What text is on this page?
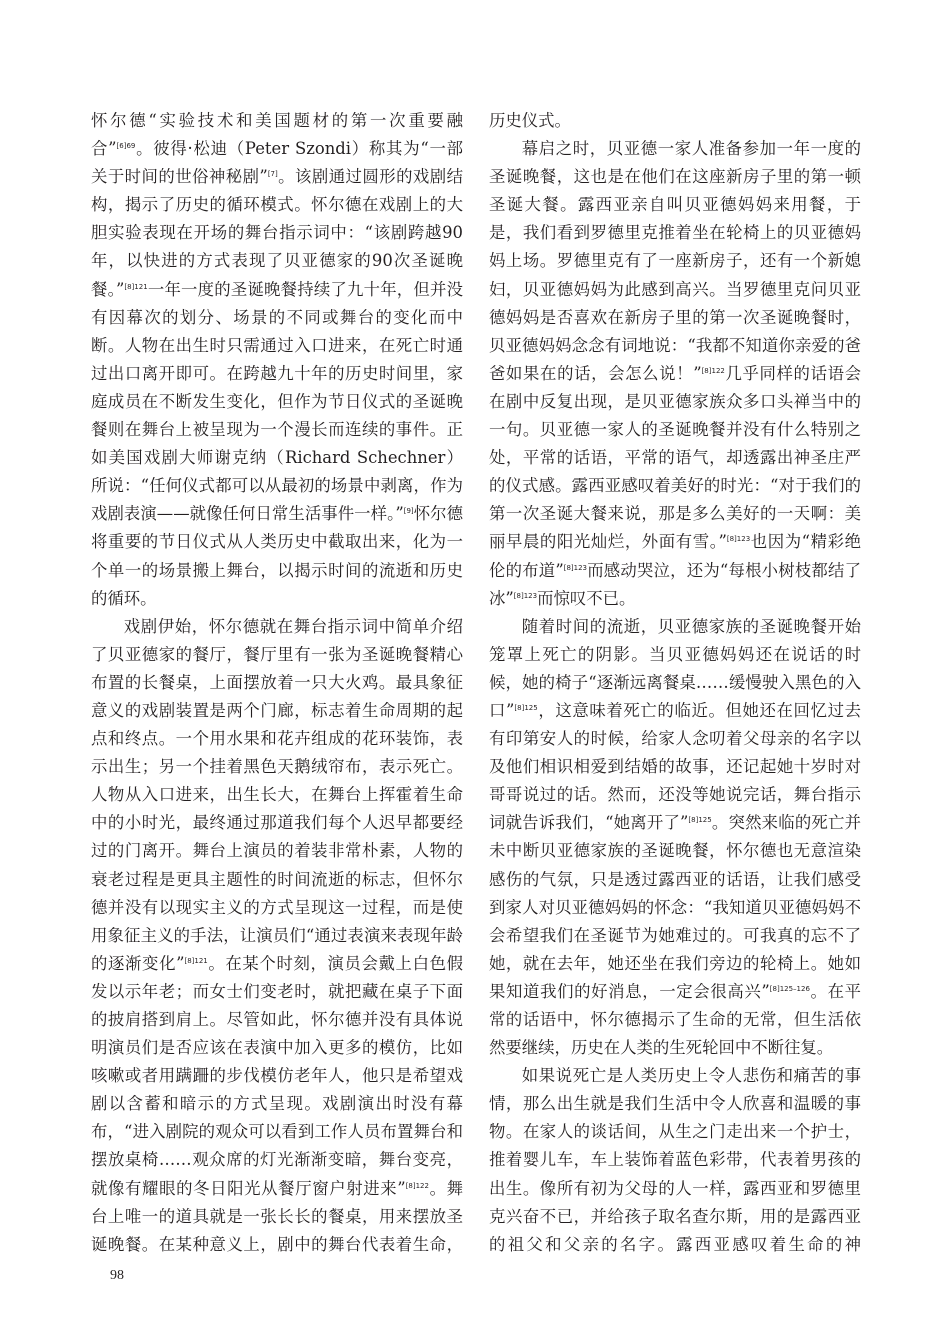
怀尔德“实验技术和美国题材的第一次重要融合”$^{[6]69}$。彼得·松迪（Peter Szondi）称其为“一部关于时间的世俗神秘剧”[7]。该剧通过圆形的戏剧结构，揭示了历史的循环模式。怀尔德在戏剧上的大胆实验表现在开场的舞台指示词中：“该剧跨越90年，以快进的方式表现了贝亚德家的90次圣诞晚餐。”$^{[8]121}$一年一度的圣诞晚餐持续了九十年，但并没有因幕次的划分、场景的不同或舞台的变化而中断。人物在出生时只需通过入口进来，在死亡时通过出口离开即可。在跨越九十年的历史时间里，家庭成员在不断发生变化，但作为节日仪式的圣诞晚餐则在舞台上被呈现为一个漫长而连续的事件。正如美国戏剧大师谢克纳（Richard Schechner）所说：“任何仪式都可以从最初的场景中剥离，作为戏剧表演——就像任何日常生活事件一样。”[9]怀尔德将重要的节日仪式从人类历史中截取出来，化为一个单一的场景搬上舞台，以揭示时间的流逝和历史的循环。

戏剧伊始，怀尔德就在舞台指示词中简单介绍了贝亚德家的餐厅，餐厅里有一张为圣诞晚餐精心布置的长餐桌，上面摆放着一只大火鸡。最具象征意义的戏剧装置是两个门廊，标志着生命周期的起点和终点。一个用水果和花卉组成的花环装饰，表示出生；另一个挂着黑色天鹅绒帘布，表示死亡。人物从入口进来，出生长大，在舞台上挥霍着生命中的小时光，最终通过那道我们每个人迟早都要经过的门离开。舞台上演员的着装非常朴素，人物的衰老过程是更具主题性的时间流逝的标志，但怀尔德并没有以现实主义的方式呈现这一过程，而是使用象征主义的手法，让演员们“通过表演来表现年龄的逐渐变化”$^{[8]121}$。在某个时刻，演员会戴上白色假发以示年老；而女士们变老时，就把藏在桌子下面的披肩搭到肩上。尽管如此，怀尔德并没有具体说明演员们是否应该在表演中加入更多的模仿，比如咳嗽或者用蹒跚的步伐模仿老年人，他只是希望戏剧以含蓄和暗示的方式呈现。戏剧演出时没有幕布，“进入剧院的观众可以看到工作人员布置舞台和摆放桌椅……观众席的灯光渐渐变暗，舞台变亮，就像有耀眼的冬日阳光从餐厅窗户射进来”$^{[8]122}$。舞台上唯一的道具就是一张长长的餐桌，用来摆放圣诞晚餐。在某种意义上，剧中的舞台代表着生命，

历史仪式。

幕启之时，贝亚德一家人准备参加一年一度的圣诞晚餐，这也是在他们在这座新房子里的第一顿圣诞大餐。露西亚亲自叫贝亚德妈妈来用餐，于是，我们看到罗德里克推着坐在轮椅上的贝亚德妈妈上场。罗德里克有了一座新房子，还有一个新媳妇，贝亚德妈妈为此感到高兴。当罗德里克问贝亚德妈妈是否喜欢在新房子里的第一次圣诞晚餐时，贝亚德妈妈念念有词地说：“我都不知道你亲爱的爸爸如果在的话，会怎么说！”$^{[8]122}$几乎同样的话语会在剧中反复出现，是贝亚德家族众多口头禅当中的一句。贝亚德一家人的圣诞晚餐并没有什么特别之处，平常的话语，平常的语气，却透露出神圣庄严的仪式感。露西亚感叹着美好的时光：“对于我们的第一次圣诞大餐来说，那是多么美好的一天啊：美丽早晨的阳光灿烂，外面有雪。”$^{[8]123}$也因为“精彩绝伦的布道”$^{[8]123}$而感动哭泣，还为“每根小树枝都结了冰”$^{[8]123}$而惊叹不已。

随着时间的流逝，贝亚德家族的圣诞晚餐开始笼罩上死亡的阴影。当贝亚德妈妈还在说话的时候，她的椅子“逐渐远离餐桌……缓慢驶入黑色的入口”$^{[8]125}$，这意味着死亡的临近。但她还在回忆过去有印第安人的时候，给家人念叨着父母亲的名字以及他们相识相爱到结婚的故事，还记起她十岁时对哥哥说过的话。然而，还没等她说完话，舞台指示词就告诉我们，“她离开了”$^{[8]125}$。突然来临的死亡并未中断贝亚德家族的圣诞晚餐，怀尔德也无意渲染感伤的气氛，只是透过露西亚的话语，让我们感受到家人对贝亚德妈妈的怀念：“我知道贝亚德妈妈不会希望我们在圣诞节为她难过的。可我真的忘不了她，就在去年，她还坐在我们旁边的轮椅上。她如果知道我们的好消息，一定会很高兴”$^{[8]125-126}$。在平常的话语中，怀尔德揭示了生命的无常，但生活依然要继续，历史在人类的生死轮回中不断往复。

如果说死亡是人类历史上令人悲伤和痛苦的事情，那么出生就是我们生活中令人欣喜和温暖的事物。在家人的谈话间，从生之门走出来一个护士，推着婴儿车，车上装饰着蓝色彩带，代表着男孩的出生。像所有初为父母的人一样，露西亚和罗德里克兴奋不已，并给孩子取名查尔斯，用的是露西亚的祖父和父亲的名字。露西亚感叹着生命的神

98
